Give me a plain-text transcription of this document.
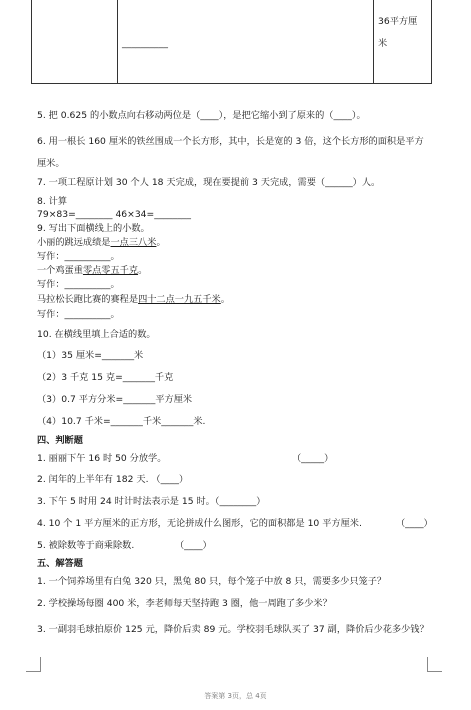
__________
36平方厘
米
5. 把 0.625 的小数点向右移动两位是（____），是把它缩小到了原来的（____）。
6. 用一根长 160 厘米的铁丝围成一个长方形，其中，长是宽的 3 倍，这个长方形的面积是平方厘米。
7. 一项工程原计划 30 个人 18 天完成，现在要提前 3 天完成，需要（______）人。
8. 计算
79×83=________ 46×34=________
9. 写出下面横线上的小数。
小丽的跳远成绩是一点三八米。
写作：__________。
一个鸡蛋重零点零五千克。
写作：__________。
马拉松长跑比赛的赛程是四十二点一九五千米。
写作：__________。
10. 在横线里填上合适的数。
（1）35 厘米=_______米
（2）3 千克 15 克=_______千克
（3）0.7 平方分米=_______平方厘米
（4）10.7 千米=_______千米_______米.
四、判断题
1. 丽丽下午 16 时 50 分放学。	（_____）
2. 闰年的上半年有 182 天. （____）
3. 下午 5 时用 24 时计时法表示是 15 时。（________）
4. 10 个 1 平方厘米的正方形，无论拼成什么图形，它的面积都是 10 平方厘米.	（____）
5. 被除数等于商乘除数.	（____）
五、解答题
1. 一个饲养场里有白兔 320 只，黑兔 80 只，每个笼子中放 8 只，需要多少只笼子？
2. 学校操场每圈 400 米，李老师每天坚持跑 3 圈，他一周跑了多少米？
3. 一副羽毛球拍原价 125 元，降价后卖 89 元。学校羽毛球队买了 37 副，降价后少花多少钱？
答案第 3页，总 4页
